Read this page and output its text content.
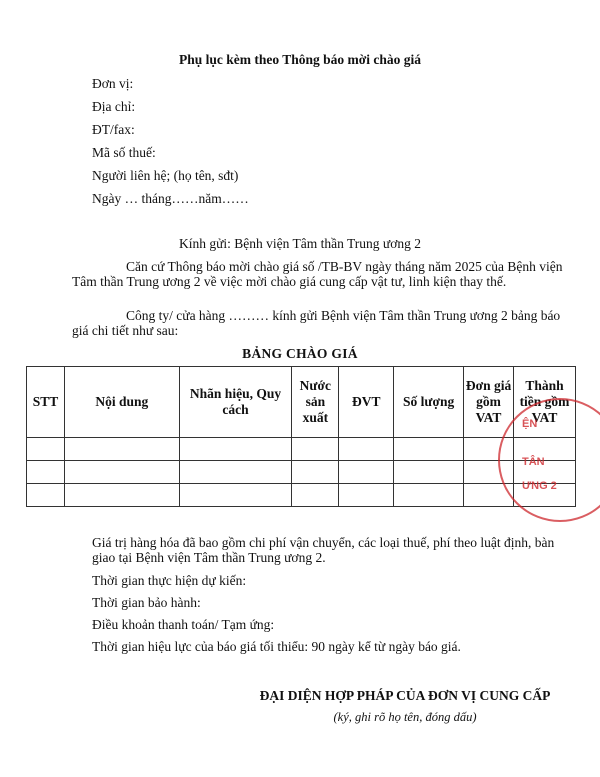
Phụ lục kèm theo Thông báo mời chào giá
Đơn vị:
Địa chỉ:
ĐT/fax:
Mã số thuế:
Người liên hệ; (họ tên, sđt)
Ngày … tháng……năm……
Kính gửi: Bệnh viện Tâm thần Trung ương 2
Căn cứ Thông báo mời chào giá số /TB-BV ngày tháng năm 2025 của Bệnh viện Tâm thần Trung ương 2 về việc mời chào giá cung cấp vật tư, linh kiện thay thế.
Công ty/ cửa hàng ……… kính gửi Bệnh viện Tâm thần Trung ương 2 bảng báo giá chi tiết như sau:
BẢNG CHÀO GIÁ
STT	Nội dung	Nhãn hiệu, Quy cách	Nước sản xuất	ĐVT	Số lượng	Đơn giá gồm VAT	Thành tiền gồm VAT

ỆN
TÂN
ƯNG 2
Giá trị hàng hóa đã bao gồm chi phí vận chuyển, các loại thuế, phí theo luật định, bàn giao tại Bệnh viện Tâm thần Trung ương 2.
Thời gian thực hiện dự kiến:
Thời gian bảo hành:
Điều khoản thanh toán/ Tạm ứng:
Thời gian hiệu lực của báo giá tối thiểu: 90 ngày kể từ ngày báo giá.
ĐẠI DIỆN HỢP PHÁP CỦA ĐƠN VỊ CUNG CẤP
(ký, ghi rõ họ tên, đóng dấu)
